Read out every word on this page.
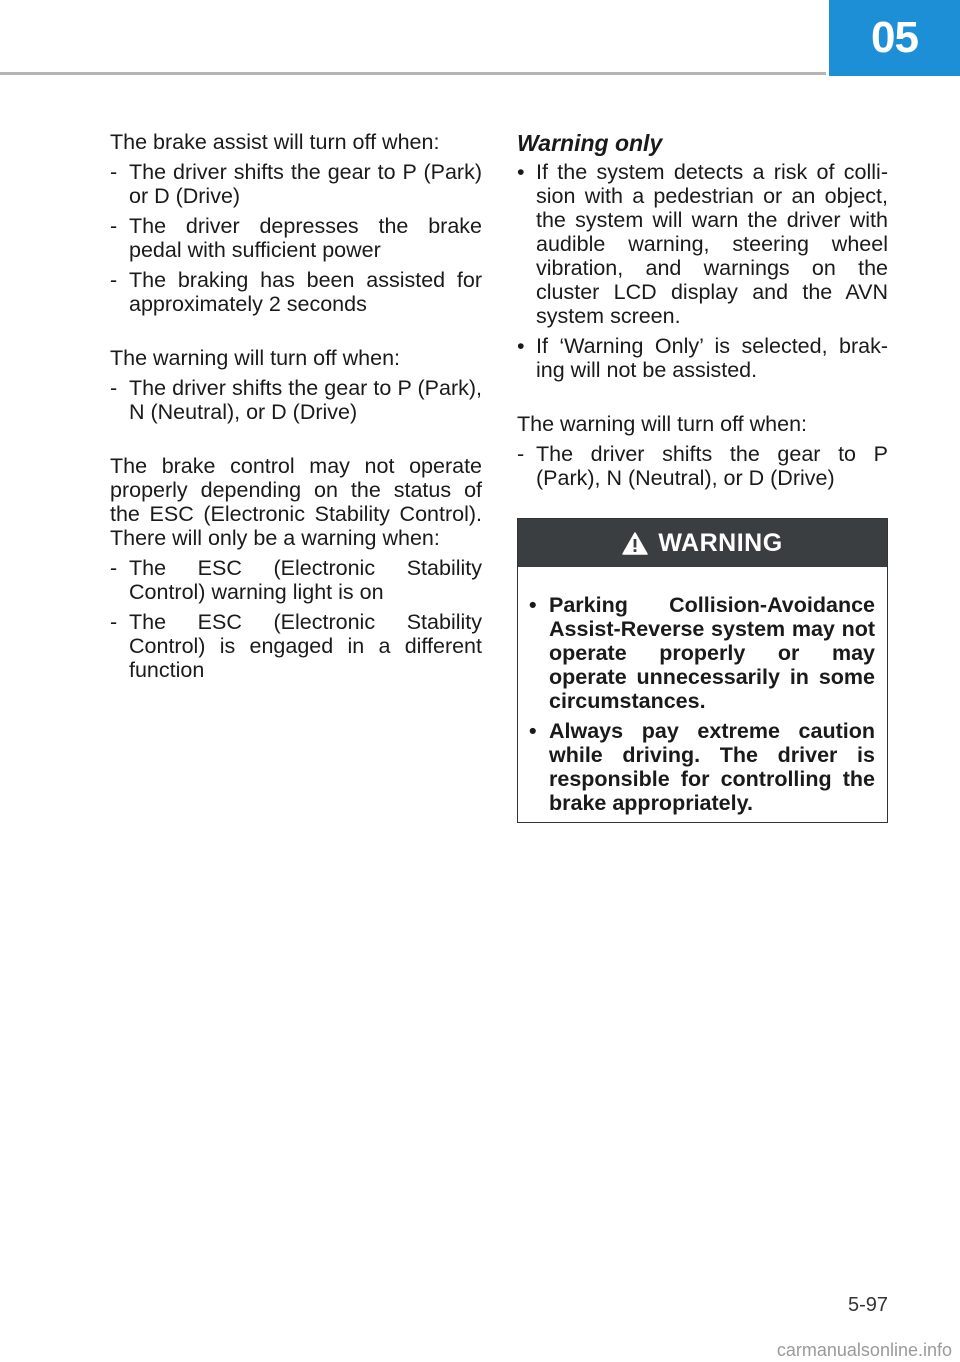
05

The brake assist will turn off when:

- The driver shifts the gear to P (Park) or D (Drive)
- The driver depresses the brake pedal with sufficient power
- The braking has been assisted for approximately 2 seconds

The warning will turn off when:

- The driver shifts the gear to P (Park), N (Neutral), or D (Drive)

The brake control may not operate properly depending on the status of the ESC (Electronic Stability Control). There will only be a warning when:

- The ESC (Electronic Stability Control) warning light is on
- The ESC (Electronic Stability Control) is engaged in a different function
Warning only
• If the system detects a risk of colli-sion with a pedestrian or an object, the system will warn the driver with audible warning, steering wheel vibration, and warnings on the cluster LCD display and the AVN system screen.
• If ‘Warning Only’ is selected, brak-ing will not be assisted.

The warning will turn off when:

- The driver shifts the gear to P (Park), N (Neutral), or D (Drive)
WARNING
• Parking Collision-Avoidance Assist-Reverse system may not operate properly or may operate unnecessarily in some circumstances.
• Always pay extreme caution while driving. The driver is responsible for controlling the brake appropriately.
5-97
carmanualsonline.info
